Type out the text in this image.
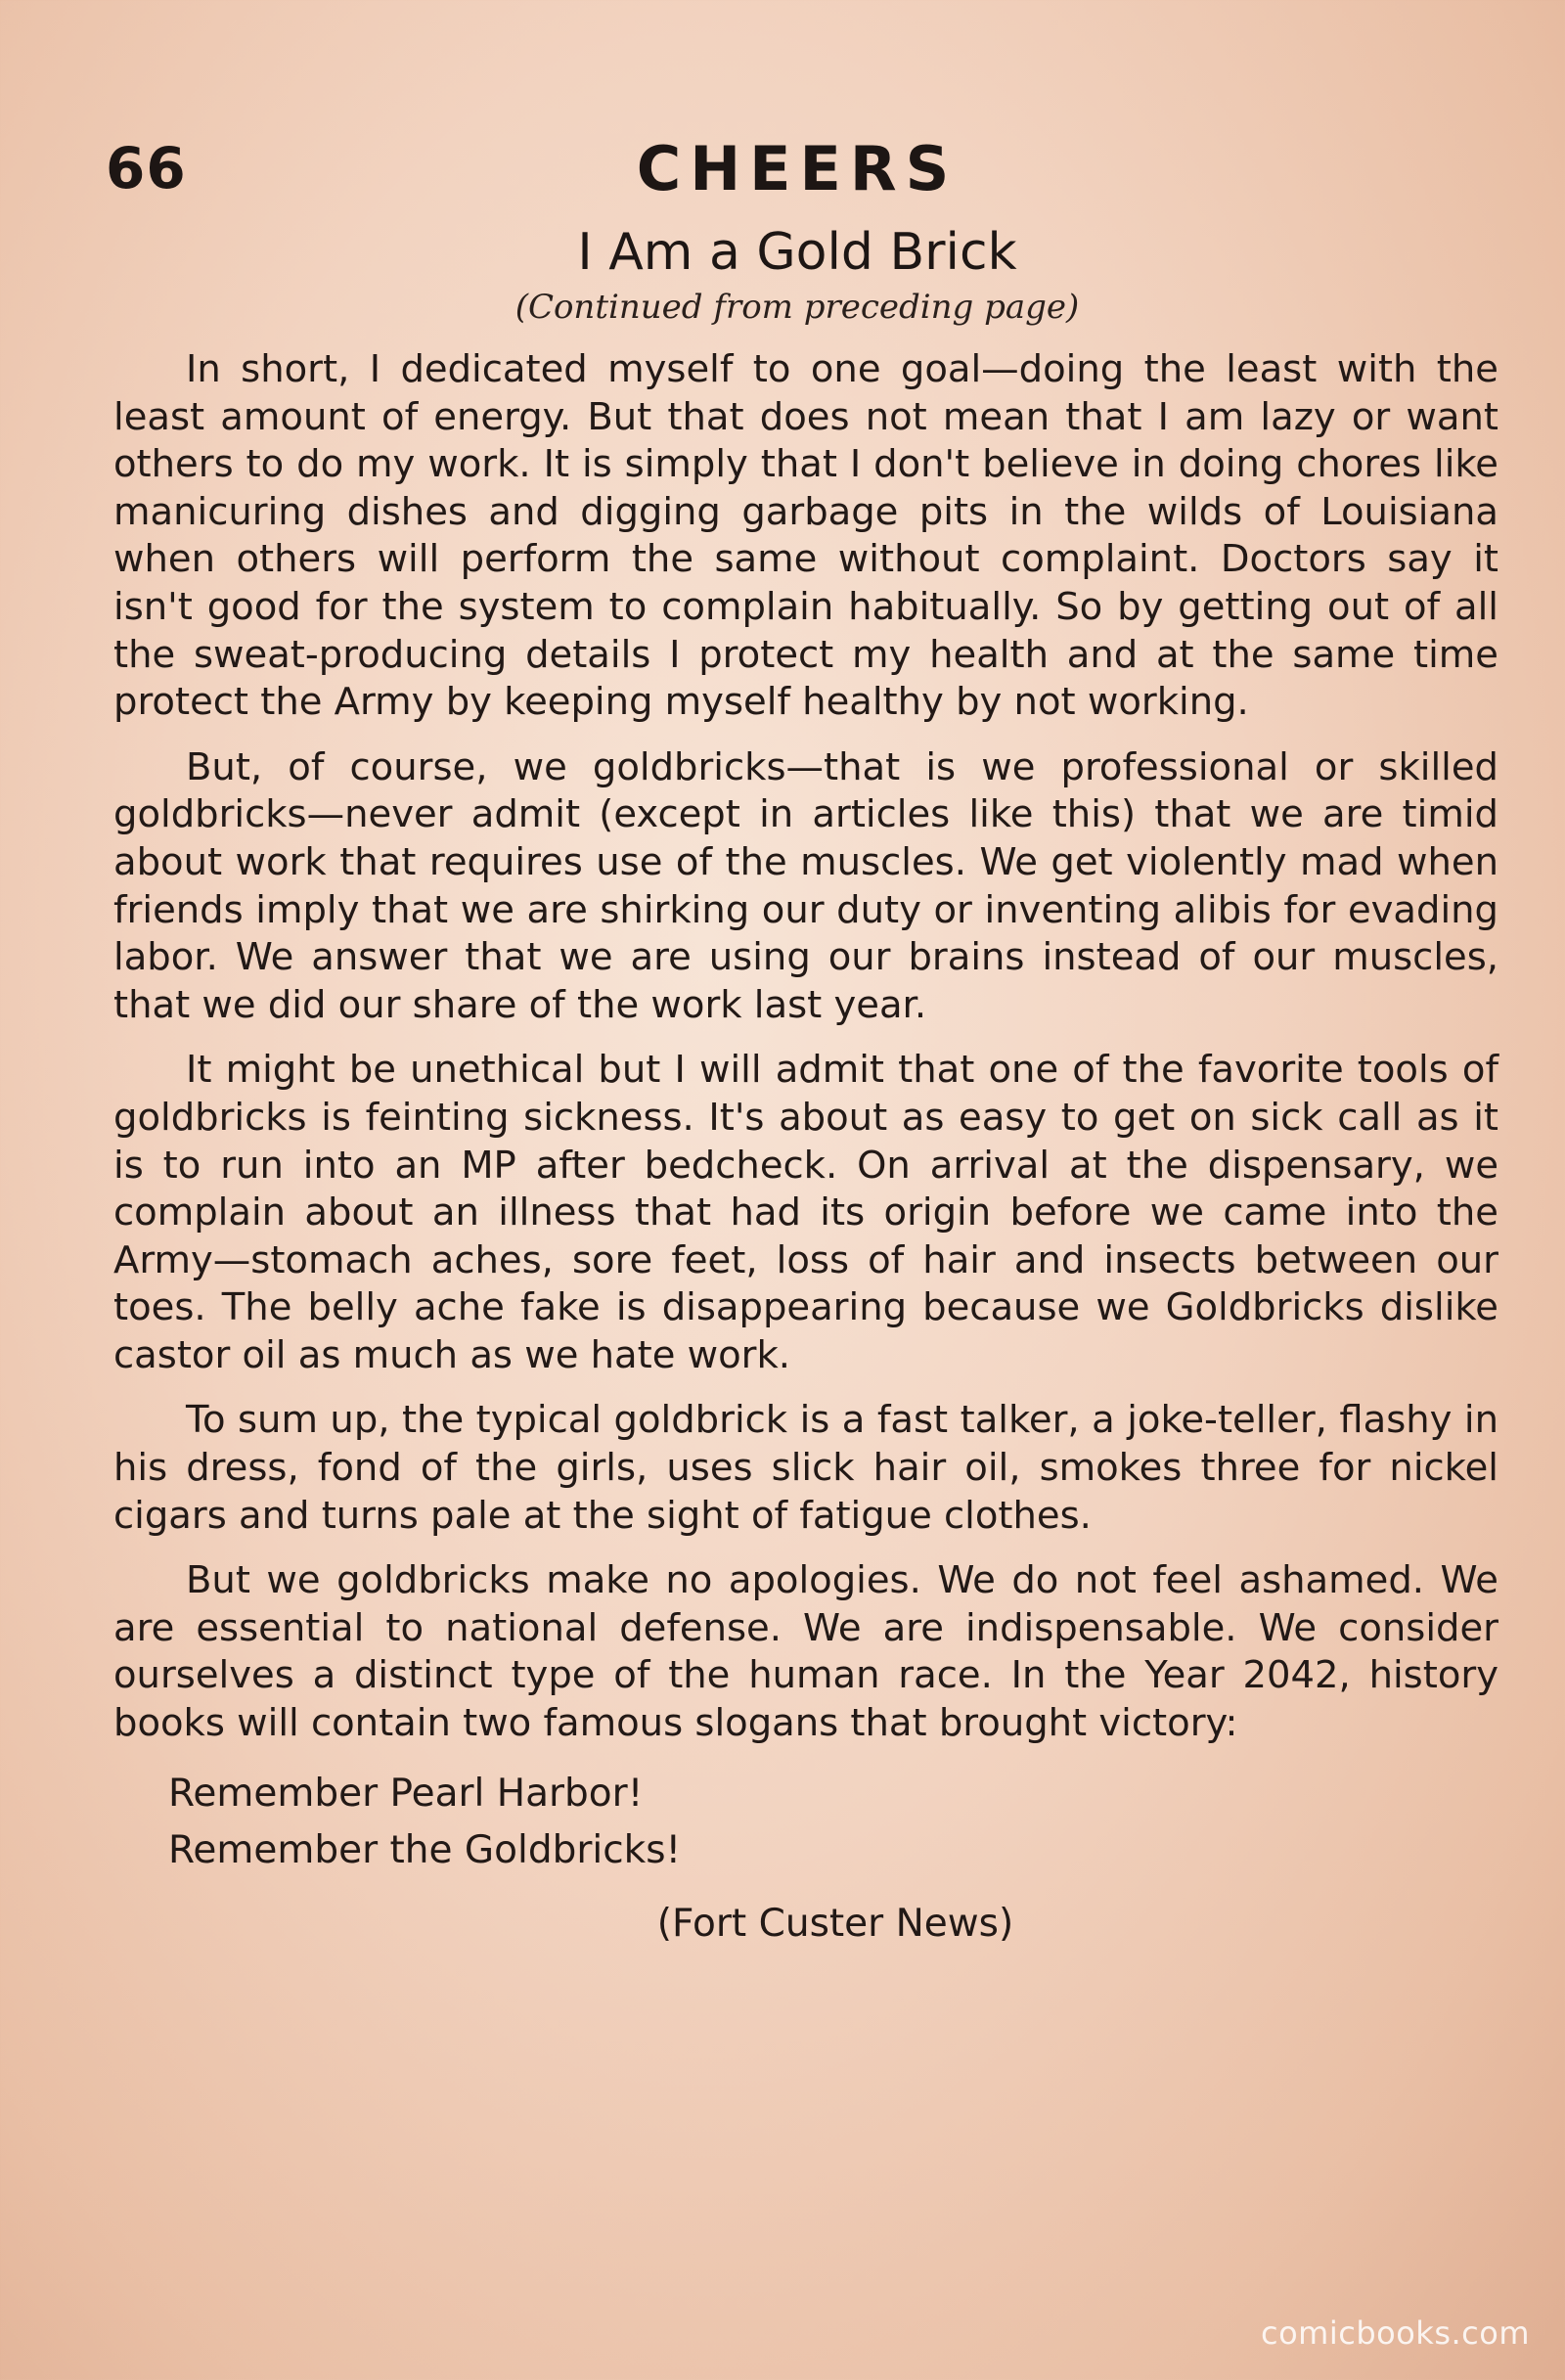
66	CHEERS
I Am a Gold Brick
(Continued from preceding page)

In short, I dedicated myself to one goal—doing the least with the least amount of energy. But that does not mean that I am lazy or want others to do my work. It is simply that I don't believe in doing chores like manicuring dishes and digging garbage pits in the wilds of Louisiana when others will perform the same without complaint. Doctors say it isn't good for the system to complain habitually. So by getting out of all the sweat-producing details I protect my health and at the same time protect the Army by keeping myself healthy by not working.

But, of course, we goldbricks—that is we professional or skilled goldbricks—never admit (except in articles like this) that we are timid about work that requires use of the muscles. We get violently mad when friends imply that we are shirking our duty or inventing alibis for evading labor. We answer that we are using our brains instead of our muscles, that we did our share of the work last year.

It might be unethical but I will admit that one of the favorite tools of goldbricks is feinting sickness. It's about as easy to get on sick call as it is to run into an MP after bedcheck. On arrival at the dispensary, we complain about an illness that had its origin before we came into the Army—stomach aches, sore feet, loss of hair and insects between our toes. The belly ache fake is disappearing because we Goldbricks dislike castor oil as much as we hate work.

To sum up, the typical goldbrick is a fast talker, a joke-teller, flashy in his dress, fond of the girls, uses slick hair oil, smokes three for nickel cigars and turns pale at the sight of fatigue clothes.

But we goldbricks make no apologies. We do not feel ashamed. We are essential to national defense. We are indispensable. We consider ourselves a distinct type of the human race. In the Year 2042, history books will contain two famous slogans that brought victory:

Remember Pearl Harbor!
Remember the Goldbricks!
(Fort Custer News)
comicbooks.com
